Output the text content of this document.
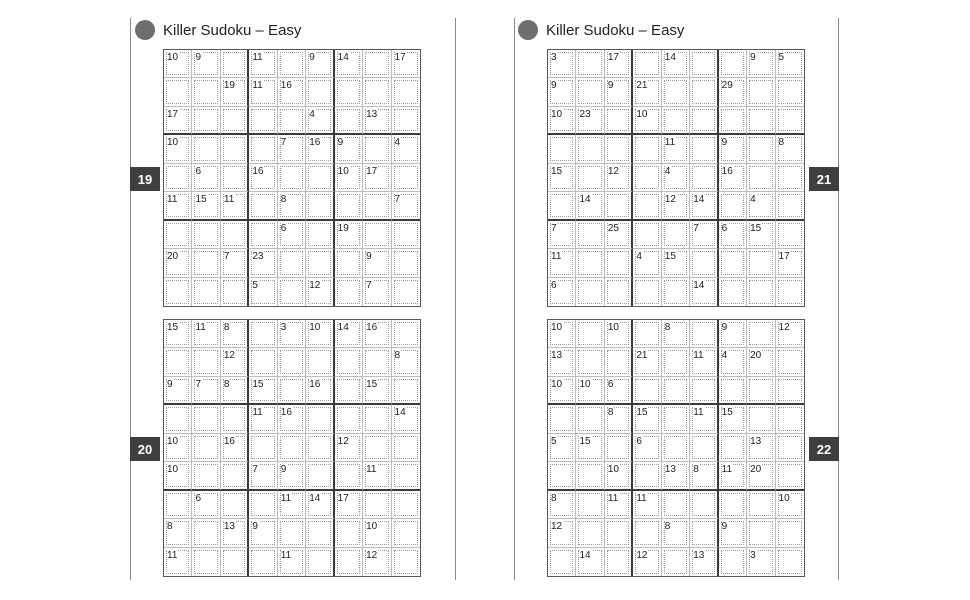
Killer Sudoku – Easy
19
20
10 9	11	9 14	17
19 11 16
17	4	13
10	7 16 9	4
6	16	10 17
11 15 11	8	7
6	19
20	7 23	9
5	12	7
15 11 8	3 10 14 16
12	8
9 7 8 15	16	15
11 16	14
10	16	12
10	7 9	11
6	11 14 17
8	13 9	10
11	11	12
Killer Sudoku – Easy
21
22
3	17	14	9 5
9	9 21	29
10 23	10
11	9	8
15	12	4	16
14	12 14	4
7	25	7 6 15
11	4 15	17
6	14
10	10	8	9	12
13	21	11 4 20
10 10 6
8 15	11 15
5 15	6	13
10	13 8 11 20
8	11 11	10
12	8	9
14	12	13	3
